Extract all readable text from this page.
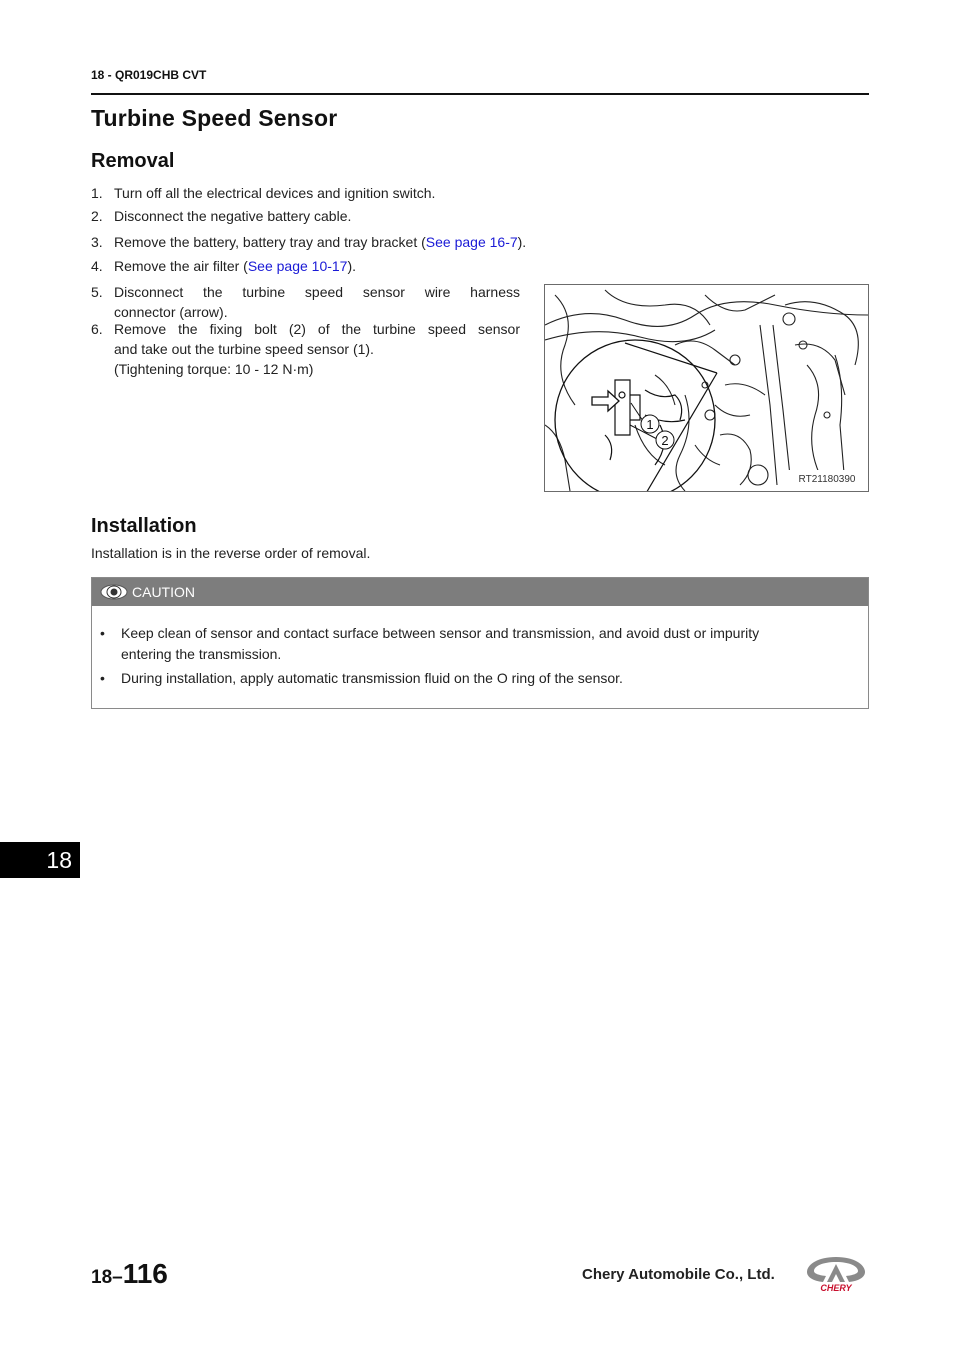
18 - QR019CHB CVT
Turbine Speed Sensor
Removal
1. Turn off all the electrical devices and ignition switch.
2. Disconnect the negative battery cable.
3. Remove the battery, battery tray and tray bracket (See page 16-7).
4. Remove the air filter (See page 10-17).
5. Disconnect the turbine speed sensor wire harness
connector (arrow).
6. Remove the fixing bolt (2) of the turbine speed sensor
and take out the turbine speed sensor (1).
(Tightening torque: 10 - 12 N·m)
1
2
RT21180390
Installation
Installation is in the reverse order of removal.
CAUTION
• Keep clean of sensor and contact surface between sensor and transmission, and avoid dust or impurity
entering the transmission.
• During installation, apply automatic transmission fluid on the O ring of the sensor.
18
18–116	Chery Automobile Co., Ltd.
CHERY
